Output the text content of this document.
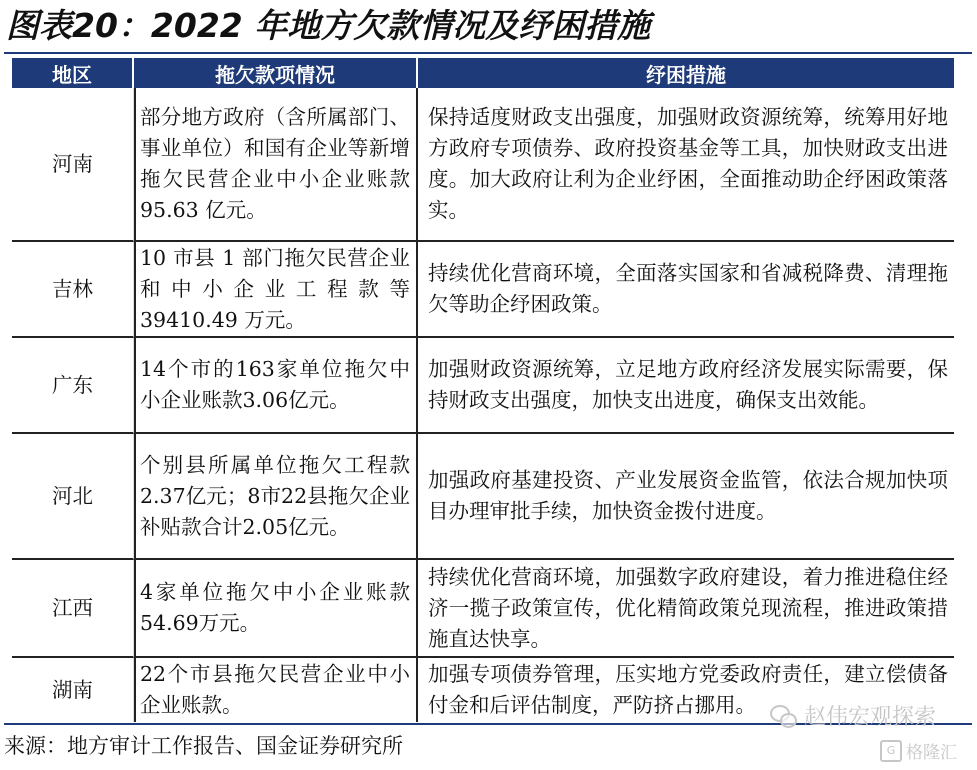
图表20：2022 年地方欠款情况及纾困措施
地区	拖欠款项情况	纾困措施
河南	部分地方政府（含所属部门、事业单位）和国有企业等新增拖欠民营企业中小企业账款 95.63 亿元。	保持适度财政支出强度，加强财政资源统筹，统筹用好地方政府专项债券、政府投资基金等工具，加快财政支出进度。加大政府让利为企业纾困，全面推动助企纾困政策落实。
吉林	10 市县 1 部门拖欠民营企业和中小企业工程款等 39410.49 万元。	持续优化营商环境，全面落实国家和省减税降费、清理拖欠等助企纾困政策。
广东	14个市的163家单位拖欠中小企业账款3.06亿元。	加强财政资源统筹，立足地方政府经济发展实际需要，保持财政支出强度，加快支出进度，确保支出效能。
河北	个别县所属单位拖欠工程款2.37亿元；8市22县拖欠企业补贴款合计2.05亿元。	加强政府基建投资、产业发展资金监管，依法合规加快项目办理审批手续，加快资金拨付进度。
江西	4家单位拖欠中小企业账款54.69万元。	持续优化营商环境，加强数字政府建设，着力推进稳住经济一揽子政策宣传，优化精简政策兑现流程，推进政策措施直达快享。
湖南	22个市县拖欠民营企业中小企业账款。	加强专项债券管理，压实地方党委政府责任，建立偿债备付金和后评估制度，严防挤占挪用。
来源：地方审计工作报告、国金证券研究所
赵伟宏观探索
G 格隆汇
